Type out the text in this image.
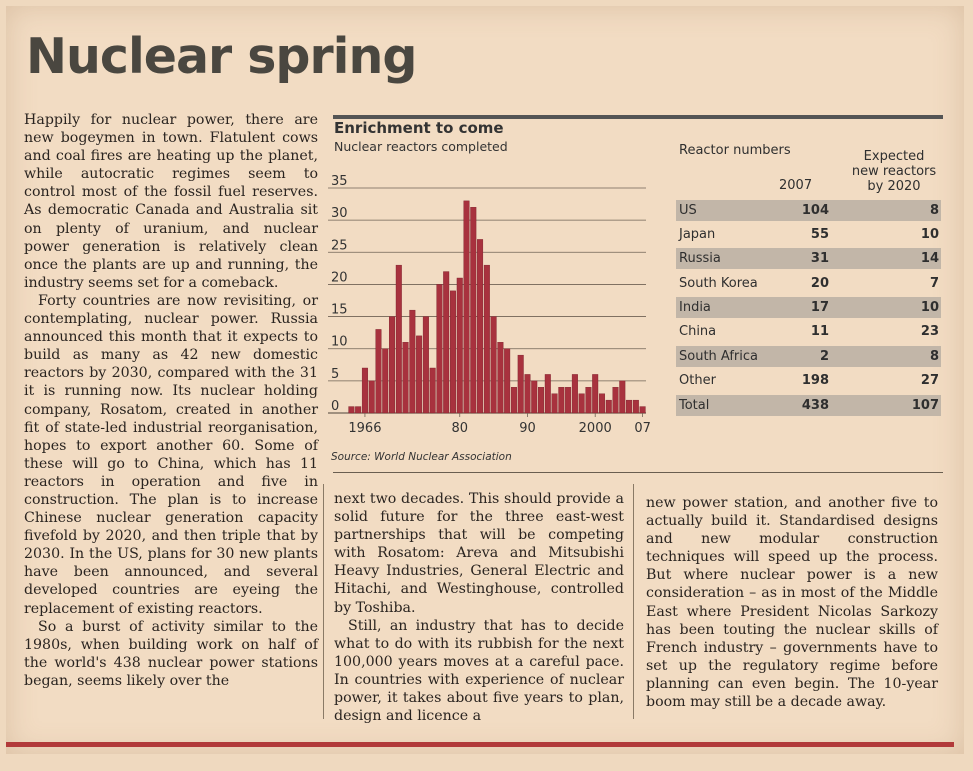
Nuclear spring

Happily for nuclear power, there are new bogeymen in town. Flatulent cows and coal fires are heating up the planet, while autocratic regimes seem to control most of the fossil fuel reserves. As democratic Canada and Australia sit on plenty of uranium, and nuclear power generation is relatively clean once the plants are up and running, the industry seems set for a comeback.

Forty countries are now revisiting, or contemplating, nuclear power. Russia announced this month that it expects to build as many as 42 new domestic reactors by 2030, compared with the 31 it is running now. Its nuclear holding company, Rosatom, created in another fit of state-led industrial reorganisation, hopes to export another 60. Some of these will go to China, which has 11 reactors in operation and five in construction. The plan is to increase Chinese nuclear generation capacity fivefold by 2020, and then triple that by 2030. In the US, plans for 30 new plants have been announced, and several developed countries are eyeing the replacement of existing reactors.

So a burst of activity similar to the 1980s, when building work on half of the world's 438 nuclear power stations began, seems likely over the

Enrichment to come
Nuclear reactors completed
0
5
10
15
20
25
30
35
1966	80	90	2000 07
Source: World Nuclear Association
Reactor numbers	Expected new reactors by 2020
2007
US	104	8
Japan	55	10
Russia	31	14
South Korea	20	7
India	17	10
China	11	23
South Africa	2	8
Other	198	27
Total	438	107

next two decades. This should provide a solid future for the three east-west partnerships that will be competing with Rosatom: Areva and Mitsubishi Heavy Industries, General Electric and Hitachi, and Westinghouse, controlled by Toshiba.

Still, an industry that has to decide what to do with its rubbish for the next 100,000 years moves at a careful pace. In countries with experience of nuclear power, it takes about five years to plan, design and licence a

new power station, and another five to actually build it. Standardised designs and new modular construction techniques will speed up the process. But where nuclear power is a new consideration – as in most of the Middle East where President Nicolas Sarkozy has been touting the nuclear skills of French industry – governments have to set up the regulatory regime before planning can even begin. The 10-year boom may still be a decade away.
